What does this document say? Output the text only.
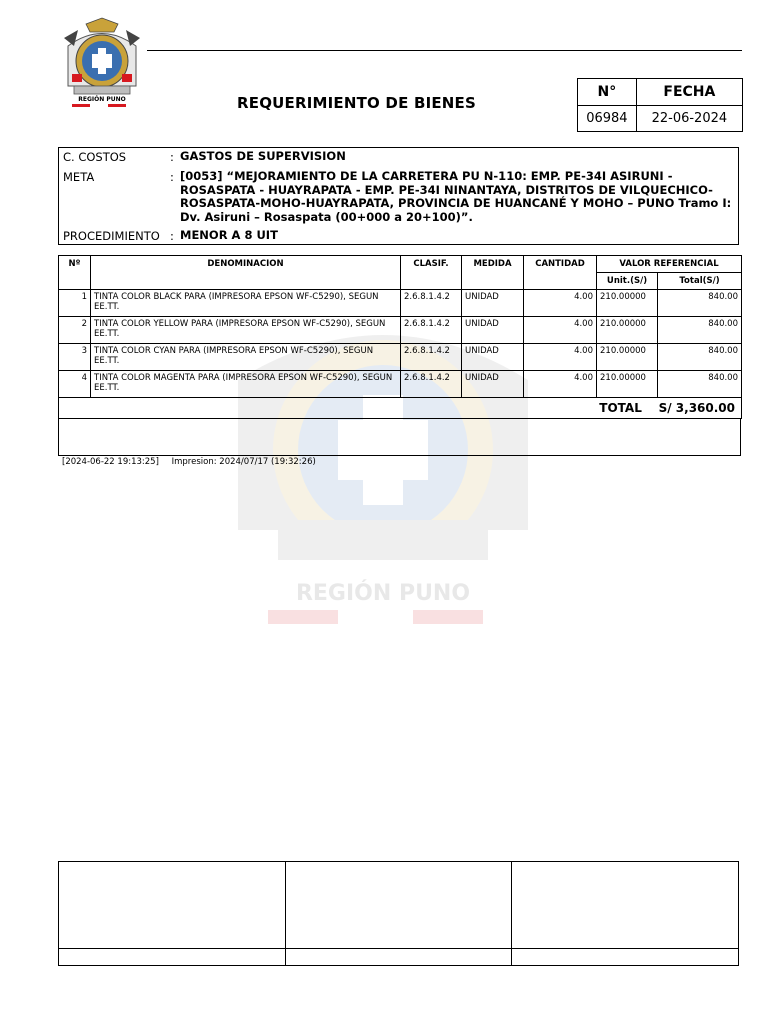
REGIÓN PUNO	REQUERIMIENTO DE BIENES
N°	FECHA
06984	22-06-2024
REGIÓN PUNO
C. COSTOS	: GASTOS DE SUPERVISION
META	: [0053] “MEJORAMIENTO DE LA CARRETERA PU N-110: EMP. PE-34I ASIRUNI - ROSASPATA - HUAYRAPATA - EMP. PE-34I NINANTAYA, DISTRITOS DE VILQUECHICO-ROSASPATA-MOHO-HUAYRAPATA, PROVINCIA DE HUANCANÉ Y MOHO – PUNO Tramo I: Dv. Asiruni – Rosaspata (00+000 a 20+100)”.
PROCEDIMIENTO : MENOR A 8 UIT
Nº	DENOMINACION	CLASIF.	MEDIDA	CANTIDAD	VALOR REFERENCIAL	
					Unit.(S/)	Total(S/)
1	TINTA COLOR BLACK PARA (IMPRESORA EPSON WF-C5290), SEGUN EE.TT.	2.6.8.1.4.2	UNIDAD	4.00	210.00000	840.00
2	TINTA COLOR YELLOW PARA (IMPRESORA EPSON WF-C5290), SEGUN EE.TT.	2.6.8.1.4.2	UNIDAD	4.00	210.00000	840.00
3	TINTA COLOR CYAN PARA (IMPRESORA EPSON WF-C5290), SEGUN EE.TT.	2.6.8.1.4.2	UNIDAD	4.00	210.00000	840.00
4	TINTA COLOR MAGENTA PARA (IMPRESORA EPSON WF-C5290), SEGUN EE.TT.	2.6.8.1.4.2	UNIDAD	4.00	210.00000	840.00
TOTAL S/ 3,360.00						
[2024-06-22 19:13:25] Impresion: 2024/07/17 (19:32:26)
